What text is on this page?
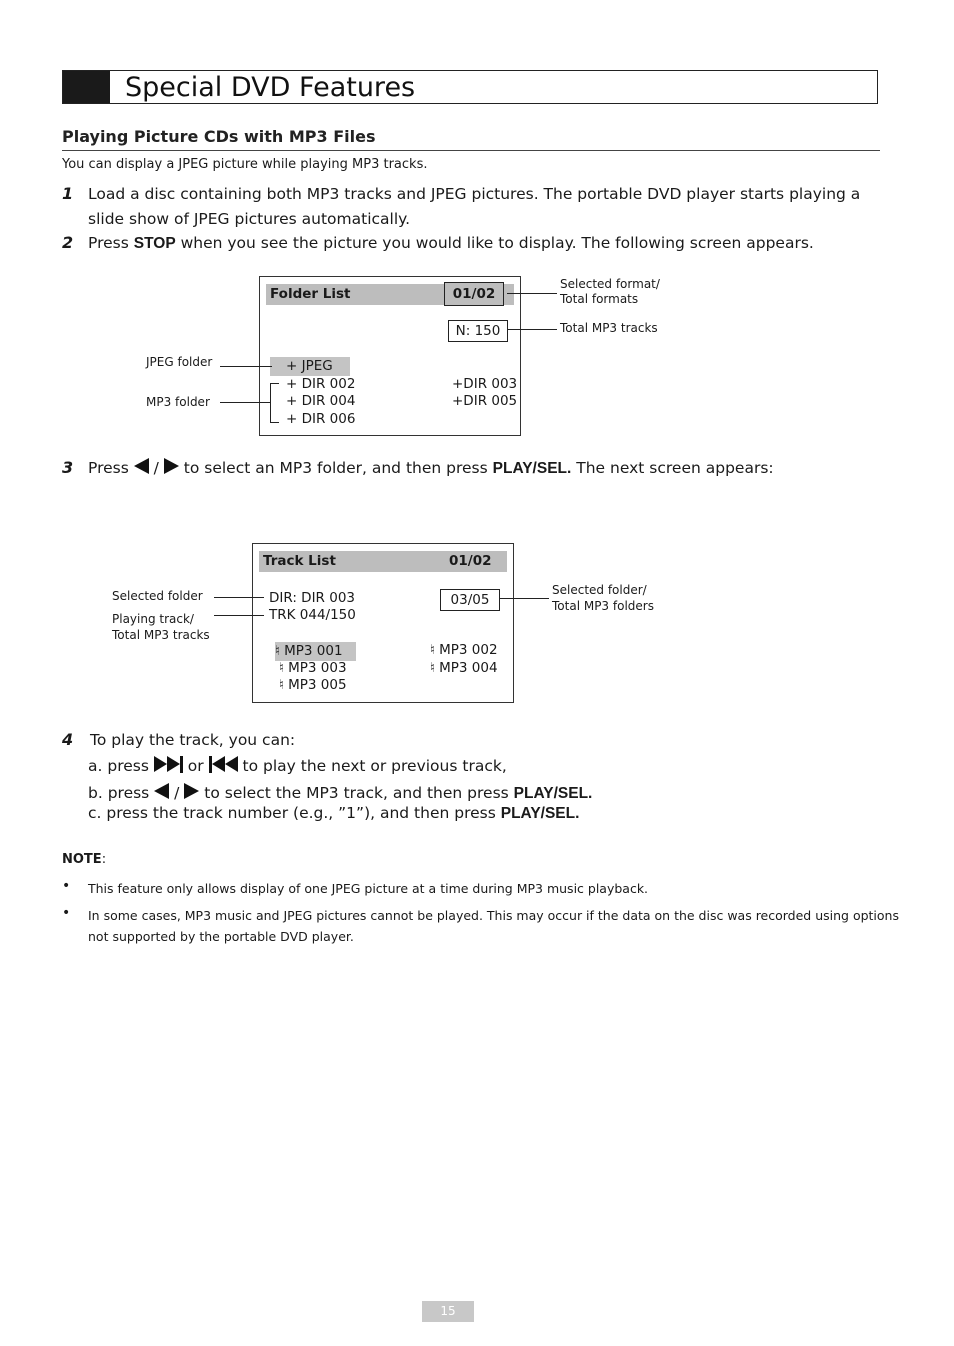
Special DVD Features
Playing Picture CDs with MP3 Files
You can display a JPEG picture while playing MP3 tracks.
1 Load a disc containing both MP3 tracks and JPEG pictures. The portable DVD player starts playing a
slide show of JPEG pictures automatically.
2 Press STOP when you see the picture you would like to display. The following screen appears.
Folder List	01/02
N: 150
+ JPEG
+ DIR 002
+ DIR 004
+ DIR 006
+DIR 003
+DIR 005
Selected format/
Total formats
Total MP3 tracks
JPEG folder
MP3 folder
3 Press / to select an MP3 folder, and then press PLAY/SEL. The next screen appears:
Track List	01/02
DIR: DIR 003
TRK 044/150
03/05
♮ MP3 001
♮ MP3 003
♮ MP3 005
♮ MP3 002
♮ MP3 004
Selected folder
Playing track/
Total MP3 tracks
Selected folder/
Total MP3 folders
4 To play the track, you can:
a. press	or	to play the next or previous track,
b. press / to select the MP3 track, and then press PLAY/SEL.
c. press the track number (e.g., ”1”), and then press PLAY/SEL.
NOTE:
• This feature only allows display of one JPEG picture at a time during MP3 music playback.
• In some cases, MP3 music and JPEG pictures cannot be played. This may occur if the data on the disc was recorded using options
not supported by the portable DVD player.
15
